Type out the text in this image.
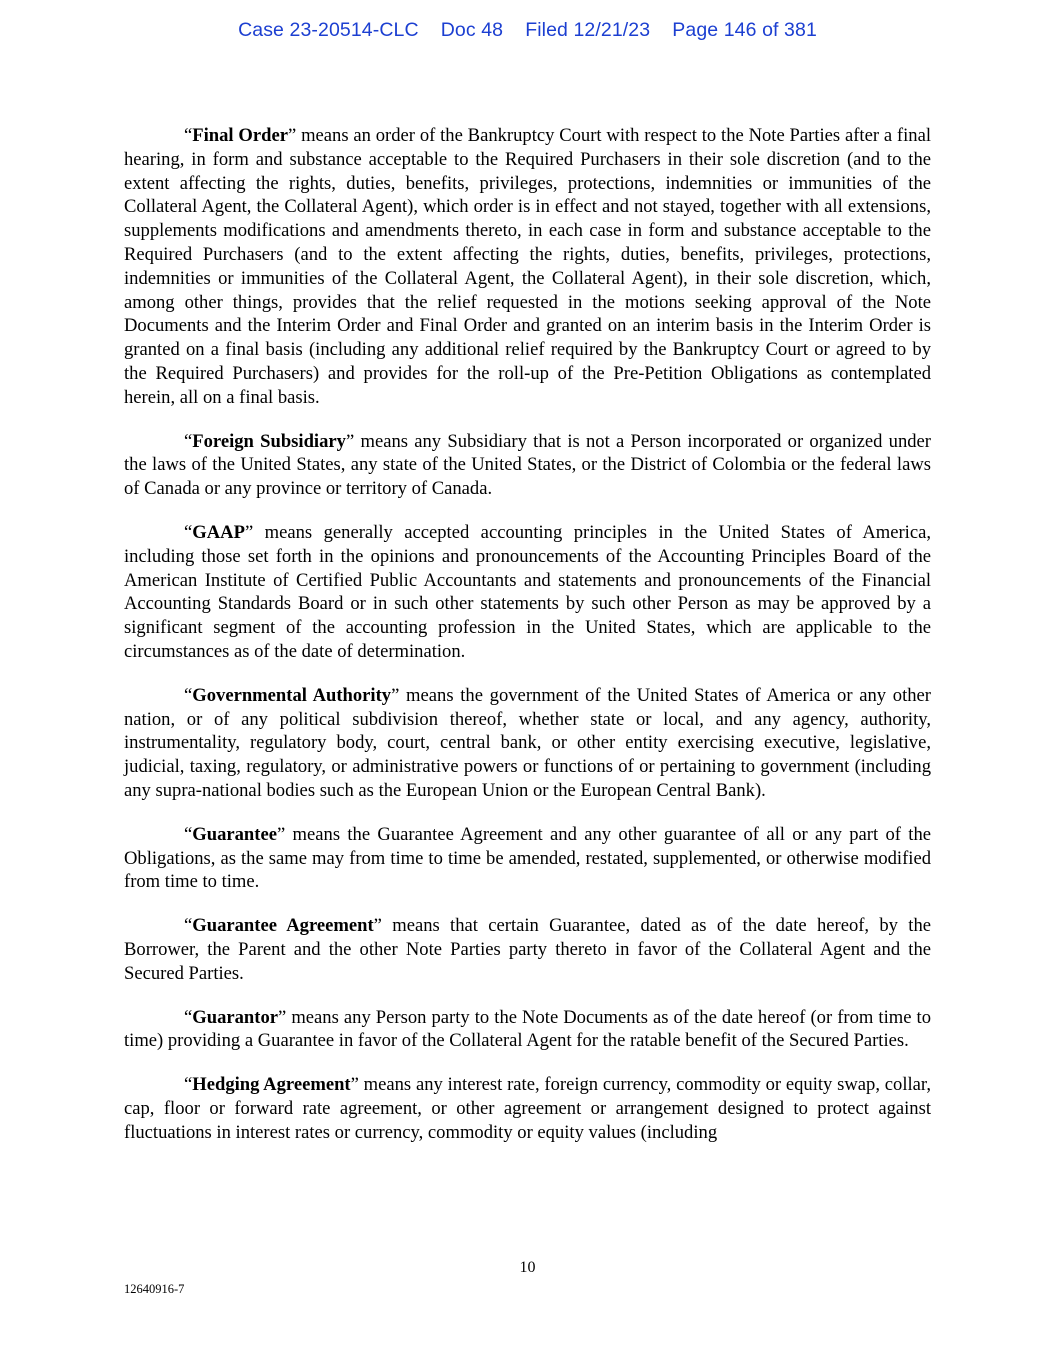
Case 23-20514-CLC Doc 48 Filed 12/21/23 Page 146 of 381

“Final Order” means an order of the Bankruptcy Court with respect to the Note Parties after a final hearing, in form and substance acceptable to the Required Purchasers in their sole discretion (and to the extent affecting the rights, duties, benefits, privileges, protections, indemnities or immunities of the Collateral Agent, the Collateral Agent), which order is in effect and not stayed, together with all extensions, supplements modifications and amendments thereto, in each case in form and substance acceptable to the Required Purchasers (and to the extent affecting the rights, duties, benefits, privileges, protections, indemnities or immunities of the Collateral Agent, the Collateral Agent), in their sole discretion, which, among other things, provides that the relief requested in the motions seeking approval of the Note Documents and the Interim Order and Final Order and granted on an interim basis in the Interim Order is granted on a final basis (including any additional relief required by the Bankruptcy Court or agreed to by the Required Purchasers) and provides for the roll-up of the Pre-Petition Obligations as contemplated herein, all on a final basis.

“Foreign Subsidiary” means any Subsidiary that is not a Person incorporated or organized under the laws of the United States, any state of the United States, or the District of Colombia or the federal laws of Canada or any province or territory of Canada.

“GAAP” means generally accepted accounting principles in the United States of America, including those set forth in the opinions and pronouncements of the Accounting Principles Board of the American Institute of Certified Public Accountants and statements and pronouncements of the Financial Accounting Standards Board or in such other statements by such other Person as may be approved by a significant segment of the accounting profession in the United States, which are applicable to the circumstances as of the date of determination.

“Governmental Authority” means the government of the United States of America or any other nation, or of any political subdivision thereof, whether state or local, and any agency, authority, instrumentality, regulatory body, court, central bank, or other entity exercising executive, legislative, judicial, taxing, regulatory, or administrative powers or functions of or pertaining to government (including any supra-national bodies such as the European Union or the European Central Bank).

“Guarantee” means the Guarantee Agreement and any other guarantee of all or any part of the Obligations, as the same may from time to time be amended, restated, supplemented, or otherwise modified from time to time.

“Guarantee Agreement” means that certain Guarantee, dated as of the date hereof, by the Borrower, the Parent and the other Note Parties party thereto in favor of the Collateral Agent and the Secured Parties.

“Guarantor” means any Person party to the Note Documents as of the date hereof (or from time to time) providing a Guarantee in favor of the Collateral Agent for the ratable benefit of the Secured Parties.

“Hedging Agreement” means any interest rate, foreign currency, commodity or equity swap, collar, cap, floor or forward rate agreement, or other agreement or arrangement designed to protect against fluctuations in interest rates or currency, commodity or equity values (including

10
12640916-7
